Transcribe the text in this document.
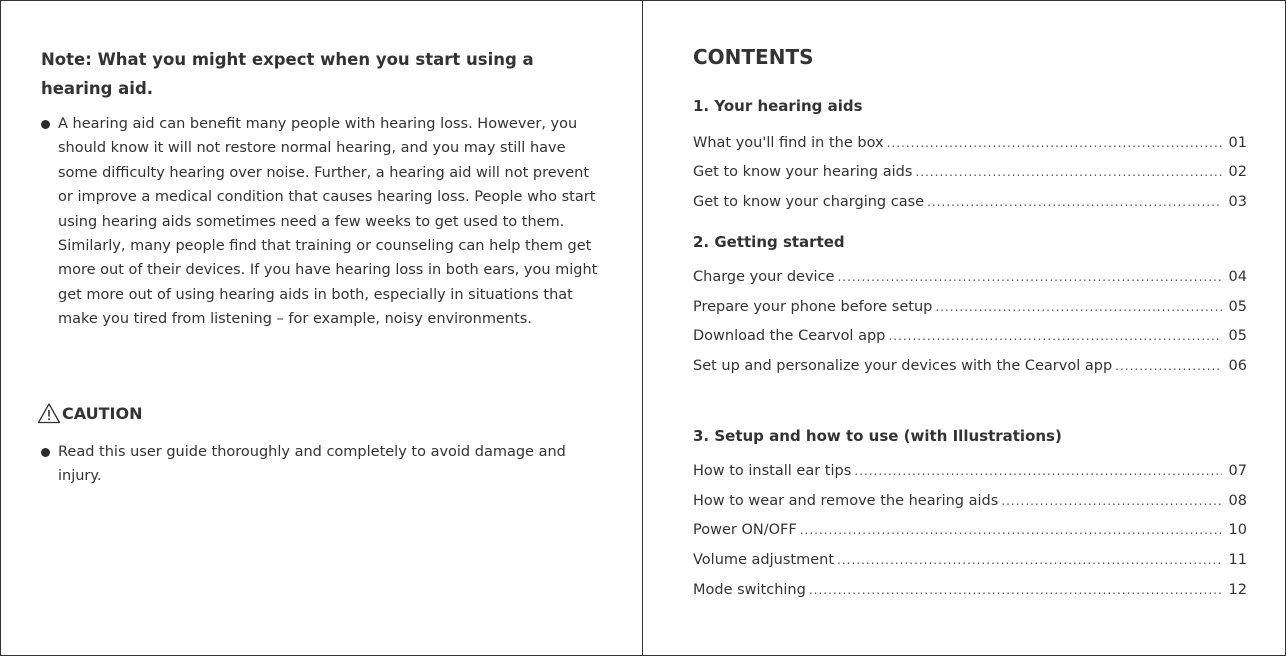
Note: What you might expect when you start using a hearing aid.
A hearing aid can benefit many people with hearing loss. However, you should know it will not restore normal hearing, and you may still have some difficulty hearing over noise. Further, a hearing aid will not prevent or improve a medical condition that causes hearing loss. People who start using hearing aids sometimes need a few weeks to get used to them. Similarly, many people find that training or counseling can help them get more out of their devices. If you have hearing loss in both ears, you might get more out of using hearing aids in both, especially in situations that make you tired from listening – for example, noisy environments.
CAUTION
Read this user guide thoroughly and completely to avoid damage and injury.
CONTENTS
1. Your hearing aids
What you'll find in the box .....	01
Get to know your hearing aids .....	02
Get to know your charging case .....	03
2. Getting started
Charge your device .....	04
Prepare your phone before setup .....	05
Download the Cearvol app .....	05
Set up and personalize your devices with the Cearvol app .....	06
3. Setup and how to use (with Illustrations)
How to install ear tips .....	07
How to wear and remove the hearing aids .....	08
Power ON/OFF .....	10
Volume adjustment .....	11
Mode switching .....	12
